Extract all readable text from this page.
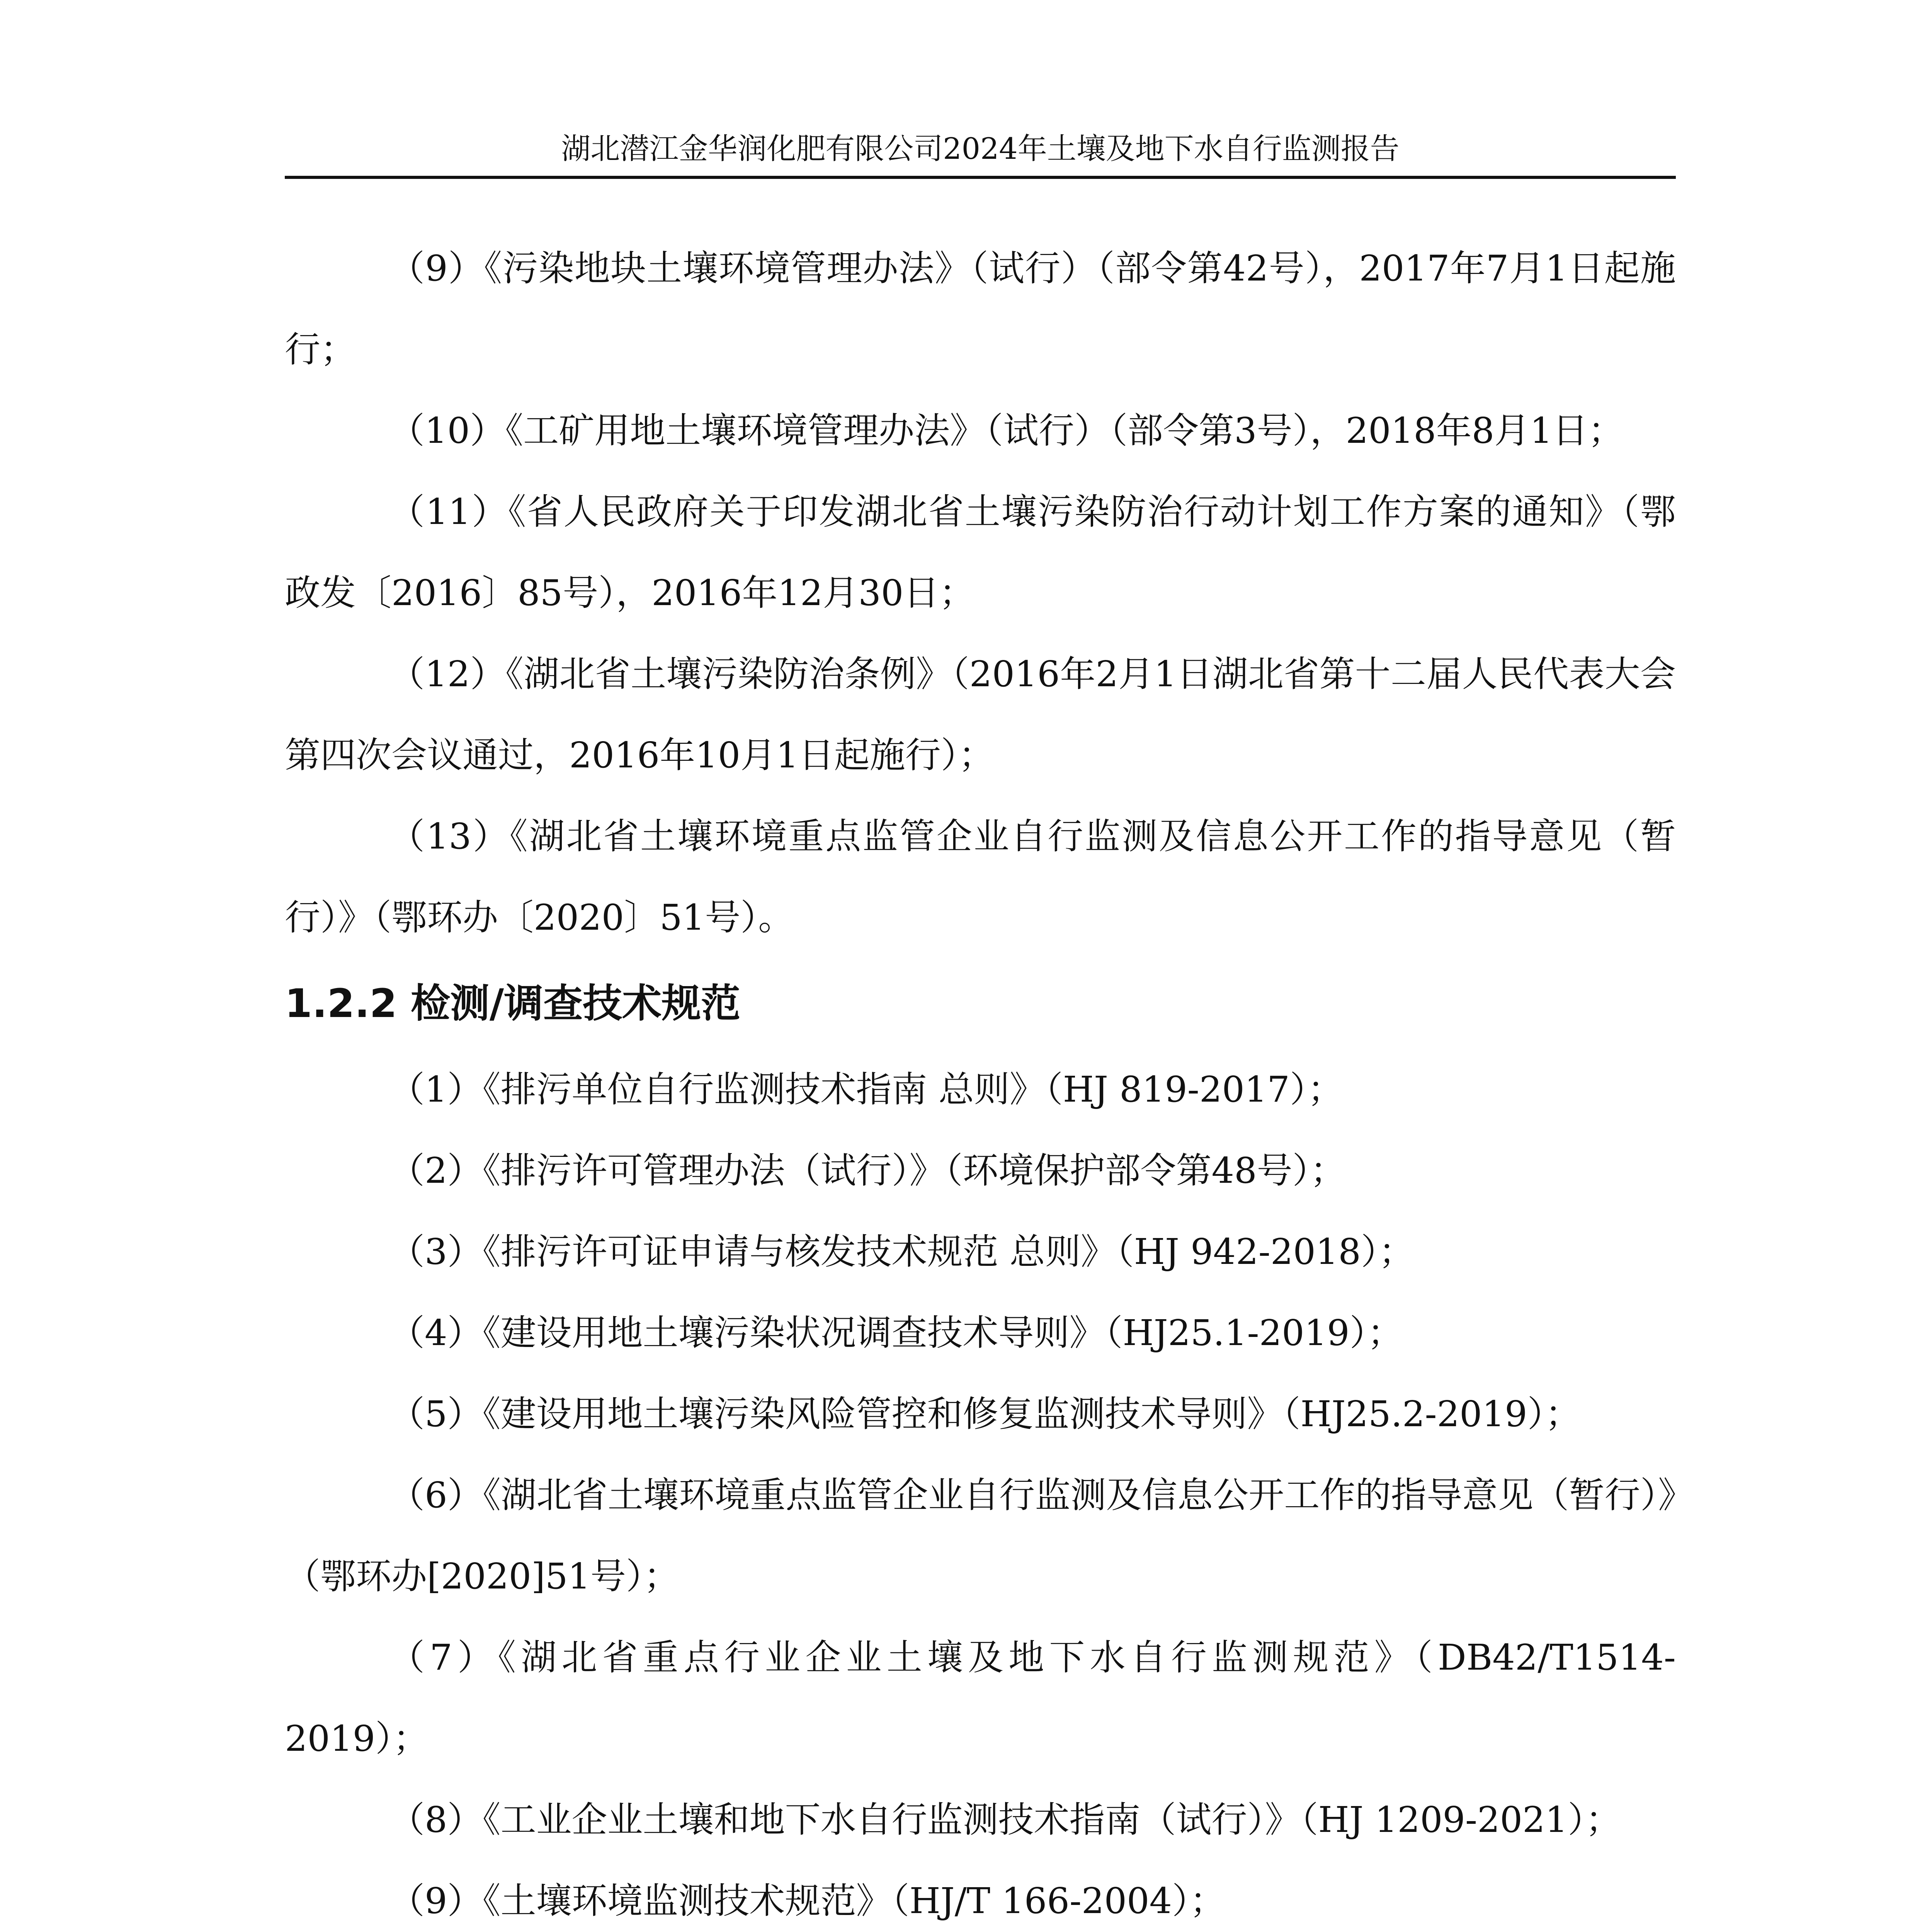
湖北潜江金华润化肥有限公司2024年土壤及地下水自行监测报告

（9）《污染地块土壤环境管理办法》（试行）（部令第42号），2017年7月1日起施行；

（10）《工矿用地土壤环境管理办法》（试行）（部令第3号），2018年8月1日；

（11）《省人民政府关于印发湖北省土壤污染防治行动计划工作方案的通知》（鄂政发〔2016〕85号），2016年12月30日；

（12）《湖北省土壤污染防治条例》（2016年2月1日湖北省第十二届人民代表大会第四次会议通过，2016年10月1日起施行）；

（13）《湖北省土壤环境重点监管企业自行监测及信息公开工作的指导意见（暂行）》（鄂环办〔2020〕51号）。

1.2.2 检测/调查技术规范

（1）《排污单位自行监测技术指南 总则》（HJ 819-2017）；

（2）《排污许可管理办法（试行）》（环境保护部令第48号）；

（3）《排污许可证申请与核发技术规范 总则》（HJ 942-2018）；

（4）《建设用地土壤污染状况调查技术导则》（HJ25.1-2019）；

（5）《建设用地土壤污染风险管控和修复监测技术导则》（HJ25.2-2019）；

（6）《湖北省土壤环境重点监管企业自行监测及信息公开工作的指导意见（暂行）》（鄂环办[2020]51号）；

（7）《湖北省重点行业企业土壤及地下水自行监测规范》（DB42/T1514-2019）；

（8）《工业企业土壤和地下水自行监测技术指南（试行）》（HJ 1209-2021）；

（9）《土壤环境监测技术规范》（HJ/T 166-2004）；
